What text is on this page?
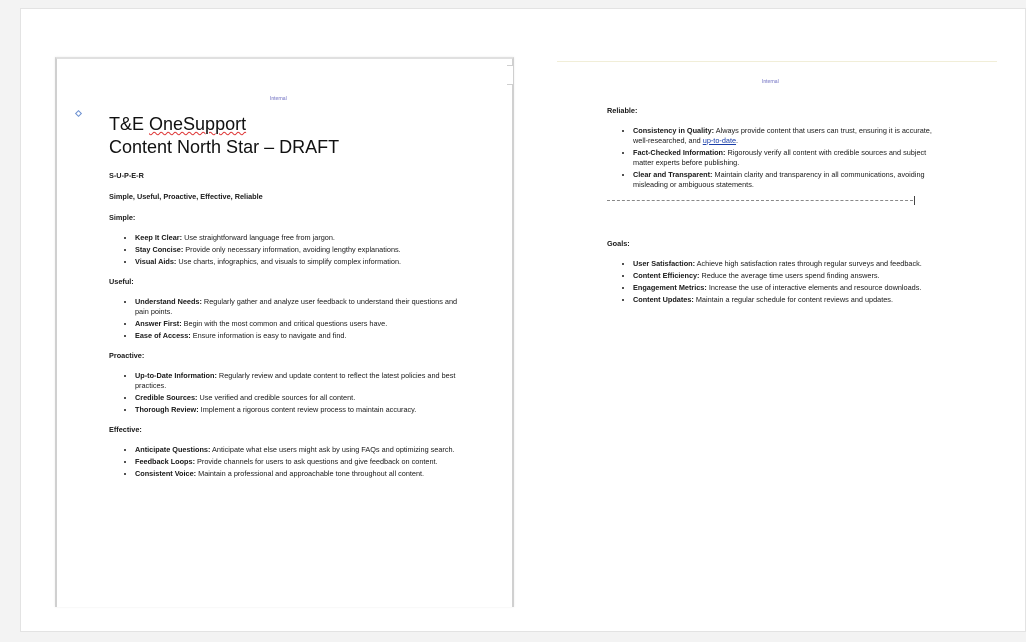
Internal
T&E OneSupport
Content North Star – DRAFT

S-U-P-E-R

Simple, Useful, Proactive, Effective, Reliable

Simple:

• Keep It Clear: Use straightforward language free from jargon.
• Stay Concise: Provide only necessary information, avoiding lengthy explanations.
• Visual Aids: Use charts, infographics, and visuals to simplify complex information.

Useful:

• Understand Needs: Regularly gather and analyze user feedback to understand their questions and pain points.
• Answer First: Begin with the most common and critical questions users have.
• Ease of Access: Ensure information is easy to navigate and find.

Proactive:

• Up-to-Date Information: Regularly review and update content to reflect the latest policies and best practices.
• Credible Sources: Use verified and credible sources for all content.
• Thorough Review: Implement a rigorous content review process to maintain accuracy.

Effective:

• Anticipate Questions: Anticipate what else users might ask by using FAQs and optimizing search.
• Feedback Loops: Provide channels for users to ask questions and give feedback on content.
• Consistent Voice: Maintain a professional and approachable tone throughout all content.
Internal

Reliable:

• Consistency in Quality: Always provide content that users can trust, ensuring it is accurate, well-researched, and up-to-date.
• Fact-Checked Information: Rigorously verify all content with credible sources and subject matter experts before publishing.
• Clear and Transparent: Maintain clarity and transparency in all communications, avoiding misleading or ambiguous statements.

Goals:

• User Satisfaction: Achieve high satisfaction rates through regular surveys and feedback.
• Content Efficiency: Reduce the average time users spend finding answers.
• Engagement Metrics: Increase the use of interactive elements and resource downloads.
• Content Updates: Maintain a regular schedule for content reviews and updates.
